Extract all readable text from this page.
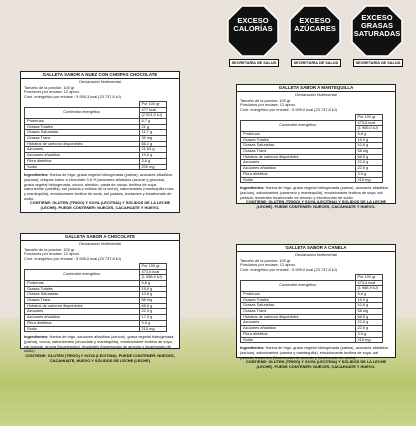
EXCESO
CALORÍAS
SECRETARÍA DE SALUD
EXCESO
AZÚCARES
SECRETARÍA DE SALUD
EXCESO
GRASAS
SATURADAS
SECRETARÍA DE SALUD
GALLETA SABOR A NUEZ CON CHISPAS CHOCOLATE
Declaración Nutrimental
Tamaño de la porción: 100 gr
Porciones por envase: 12 aprox.
Cont. energético por envase : 5 955,3 kcal (23 737.8 kJ)
	Por 100 gr
Contenido energético	477 kcal
	(2 001,0 kJ)
Proteínas	5,7 g
Grasas Totales	21 g
Grasas Saturadas	11,7 g
Grasas Trans	39 mg
Hidratos de carbono disponibles	66,1 g
Azúcares	21,63 g
Azúcares añadidos	19,5 g
Fibra dietética	3,6 g
Sodio	200 mg
Ingredientes: Harina de trigo, grasa vegetal hidrogenada (palma), azúcares añadidos (azúcar), chispas sabor a chocolate 9.8 % [azúcares añadidos (azúcar y glucosa), grasa vegetal hidrogenada, cocoa, almidón, pasta de cacao, lecitina de soya, saborizante (vainilla), sal yodada y sólidos de la leche], saborizantes (mantequilla nuez y mantequilla), emulsionante lecitina de soda, sal yodada, leudantes y bicarbonato de sodio.
CONTIENE: GLUTEN (TRIGO) Y SOYA (LECITINA) Y SÓLIDOS DE LA LECHE (LECHE). PUEDE CONTENER: NUECES, CACAHUATE Y HUEVO.
GALLETA SABOR A MANTEQUILLA
Declaración Nutrimental
Tamaño de la porción: 100 gr
Porciones por envase: 12 aprox.
Cont. energético por envase : 5 695,0 kcal (23 737.8 kJ)
	Por 100 gr
Contenido energético	473,6 kcal
	(1 985,0 kJ)
Proteínas	5,8 g
Grasas Totales	19,0 g
Grasas Saturadas	10,6 g
Grasas Trans	58 mg
Hidratos de carbono disponibles	68,5 g
Azúcares	22,6 g
Azúcares añadidos	22,6 g
Fibra dietética	3,5 g
Sodio	215 mg
Ingredientes: Harina de trigo, grasa vegetal hidrogenada (palma), azúcares añadidos (azúcar), saborizantes (caramelo y mantequilla), emulsionante lecitina de soya, sal yodada, leudantes bicarbonato de amonio y bicarbonato de sodio.
CONTIENE: GLUTEN (TRIGO) Y SOYA (LECITINA) Y SÓLIDOS DE LA LECHE (LECHE). PUEDE CONTENER: NUECES, CACAHUATE Y HUEVO.
GALLETA SABOR A CHOCOLATE
Declaración Nutrimental
Tamaño de la porción: 100 gr
Porciones por envase: 12 aprox.
Cont. energético por envase : 5 695,0 kcal (23 737.8 kJ)
	Por 100 gr
Contenido energético	473,6 kcal
	(1 988,9 kJ)
Proteínas	5,6 g
Grasas Totales	19,0 g
Grasas Saturadas	10,6 g
Grasas Trans	58 mg
Hidratos de carbono disponibles	68,5 g
Azúcares	22,0 g
Azúcares añadidos	17,0 g
Fibra dietética	3,5 g
Sodio	215 mg
Ingredientes: Harina de trigo, azúcares añadidos (azúcar), grasa vegetal hidrogenada (palma), cocoa, saborizantes (chocolate y mantequilla), emulsionante lecitina de soya, sal yodada, aroma (bicarbonato), leudantes (bicarbonato de amonio y bicarbonato de sodio).
CONTIENE: GLUTEN (TRIGO) Y SOYA (LECITINA). PUEDE CONTENER: NUECES, CACAHUATE, HUEVO Y SÓLIDOS DE LECHE (LECHE)
GALLETA SABOR A CANELA
Declaración Nutrimental
Tamaño de la porción: 100 gr
Porciones por envase: 12 aprox.
Cont. energético por envase : 5 695,0 kcal (23 737.8 kJ)
	Por 100 gr
Contenido energético	473,6 kcal
	(1 988,9 kJ)
Proteínas	5,6 g
Grasas Totales	19,0 g
Grasas Saturadas	10,6 g
Grasas Trans	58 mg
Hidratos de carbono disponibles	68,5 g
Azúcares	22,6 g
Azúcares añadidos	22,6 g
Fibra dietética	3,5 g
Sodio	215 mg
Ingredientes: Harina de trigo, grasa vegetal hidrogenada (palma), azúcares añadidos (azúcar), saborizantes (canela y mantequilla), emulsionante lecitina de soya, sal yodada, leudantes (bicarbonato de amonio y bicarbonato de sodio).
CONTIENE: GLUTEN (TRIGO) Y SOYA (LECITINA) Y SÓLIDOS DE LA LECHE (LECHE). PUEDE CONTENER: NUECES, CACAHUATE Y HUEVO.
